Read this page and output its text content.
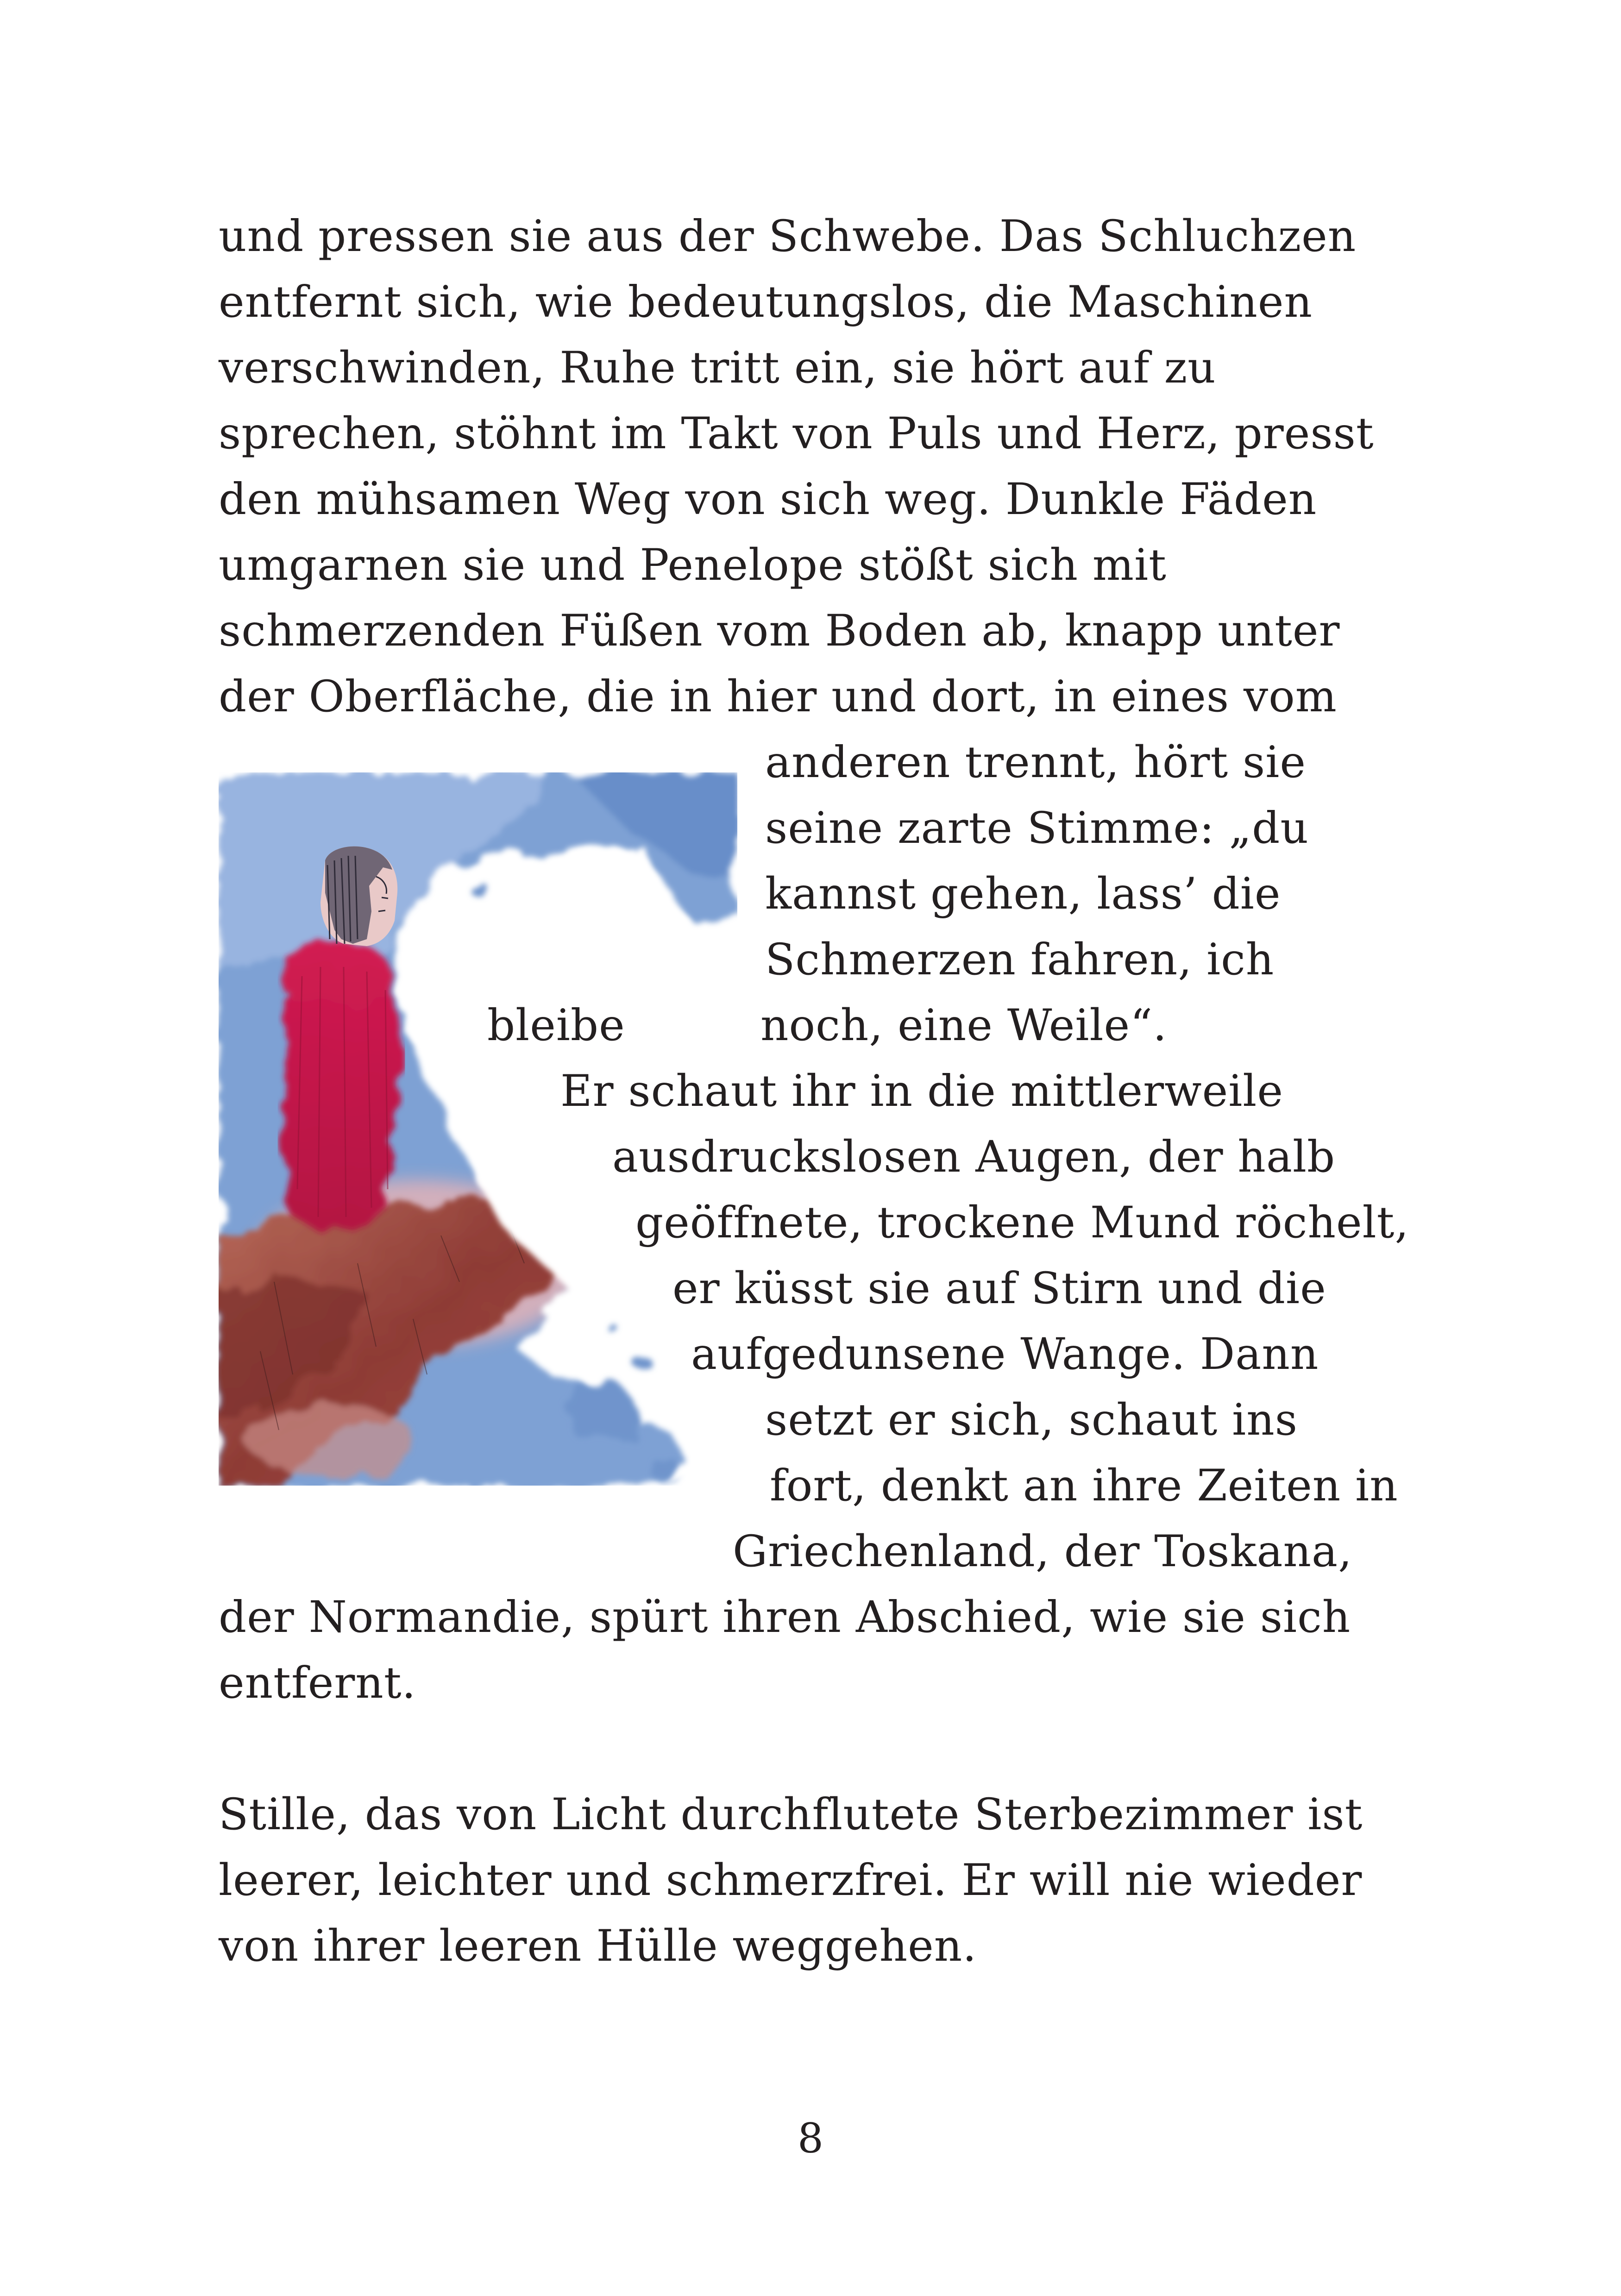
und pressen sie aus der Schwebe. Das Schluchzen
entfernt sich, wie bedeutungslos, die Maschinen
verschwinden, Ruhe tritt ein, sie hört auf zu
sprechen, stöhnt im Takt von Puls und Herz, presst
den mühsamen Weg von sich weg. Dunkle Fäden
umgarnen sie und Penelope stößt sich mit
schmerzenden Füßen vom Boden ab, knapp unter
der Oberfläche, die in hier und dort, in eines vom
anderen trennt, hört sie
seine zarte Stimme: „du
kannst gehen, lass’ die
Schmerzen fahren, ich
bleibe	noch, eine Weile“.
Er schaut ihr in die mittlerweile
ausdruckslosen Augen, der halb
geöffnete, trockene Mund röchelt,
er küsst sie auf Stirn und die
aufgedunsene Wange. Dann
setzt er sich, schaut ins
fort, denkt an ihre Zeiten in
Griechenland, der Toskana,
der Normandie, spürt ihren Abschied, wie sie sich
entfernt.
Stille, das von Licht durchflutete Sterbezimmer ist
leerer, leichter und schmerzfrei. Er will nie wieder
von ihrer leeren Hülle weggehen.
8
